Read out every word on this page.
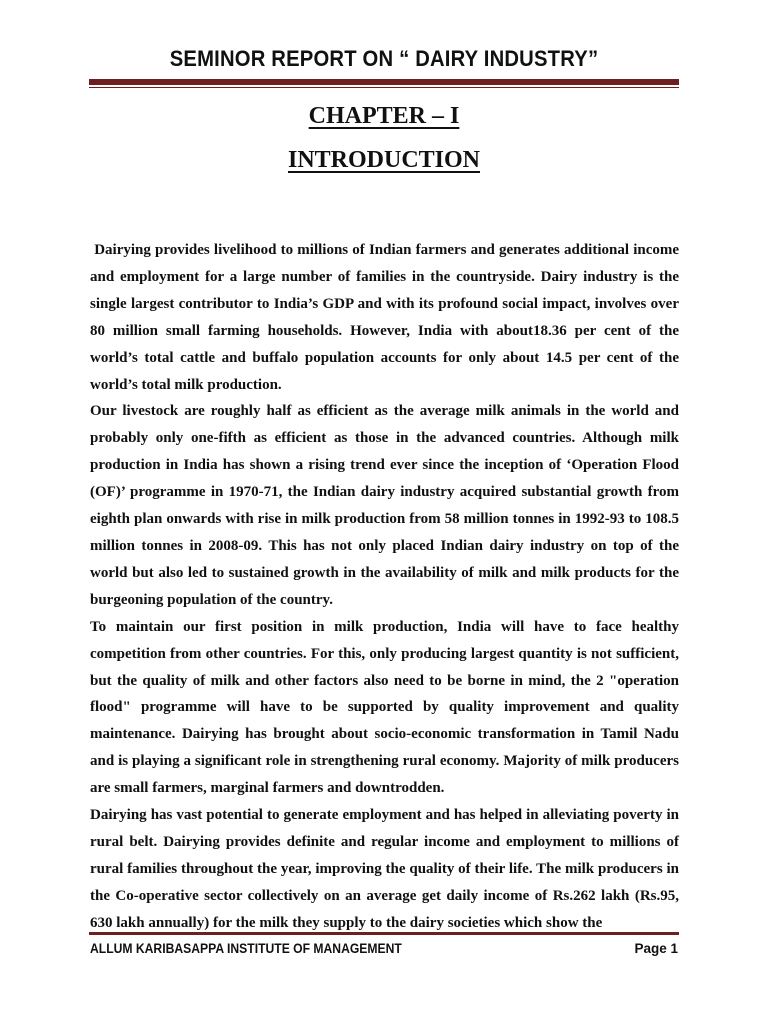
SEMINOR REPORT ON “ DAIRY INDUSTRY”
CHAPTER – I
INTRODUCTION

Dairying provides livelihood to millions of Indian farmers and generates additional income and employment for a large number of families in the countryside. Dairy industry is the single largest contributor to India’s GDP and with its profound social impact, involves over 80 million small farming households. However, India with about18.36 per cent of the world’s total cattle and buffalo population accounts for only about 14.5 per cent of the world’s total milk production.

Our livestock are roughly half as efficient as the average milk animals in the world and probably only one-fifth as efficient as those in the advanced countries. Although milk production in India has shown a rising trend ever since the inception of ‘Operation Flood (OF)’ programme in 1970-71, the Indian dairy industry acquired substantial growth from eighth plan onwards with rise in milk production from 58 million tonnes in 1992-93 to 108.5 million tonnes in 2008-09. This has not only placed Indian dairy industry on top of the world but also led to sustained growth in the availability of milk and milk products for the burgeoning population of the country.

To maintain our first position in milk production, India will have to face healthy competition from other countries. For this, only producing largest quantity is not sufficient, but the quality of milk and other factors also need to be borne in mind, the 2 "operation flood" programme will have to be supported by quality improvement and quality maintenance. Dairying has brought about socio-economic transformation in Tamil Nadu and is playing a significant role in strengthening rural economy. Majority of milk producers are small farmers, marginal farmers and downtrodden.

Dairying has vast potential to generate employment and has helped in alleviating poverty in rural belt. Dairying provides definite and regular income and employment to millions of rural families throughout the year, improving the quality of their life. The milk producers in the Co-operative sector collectively on an average get daily income of Rs.262 lakh (Rs.95, 630 lakh annually) for the milk they supply to the dairy societies which show the

ALLUM KARIBASAPPA INSTITUTE OF MANAGEMENT	Page 1
